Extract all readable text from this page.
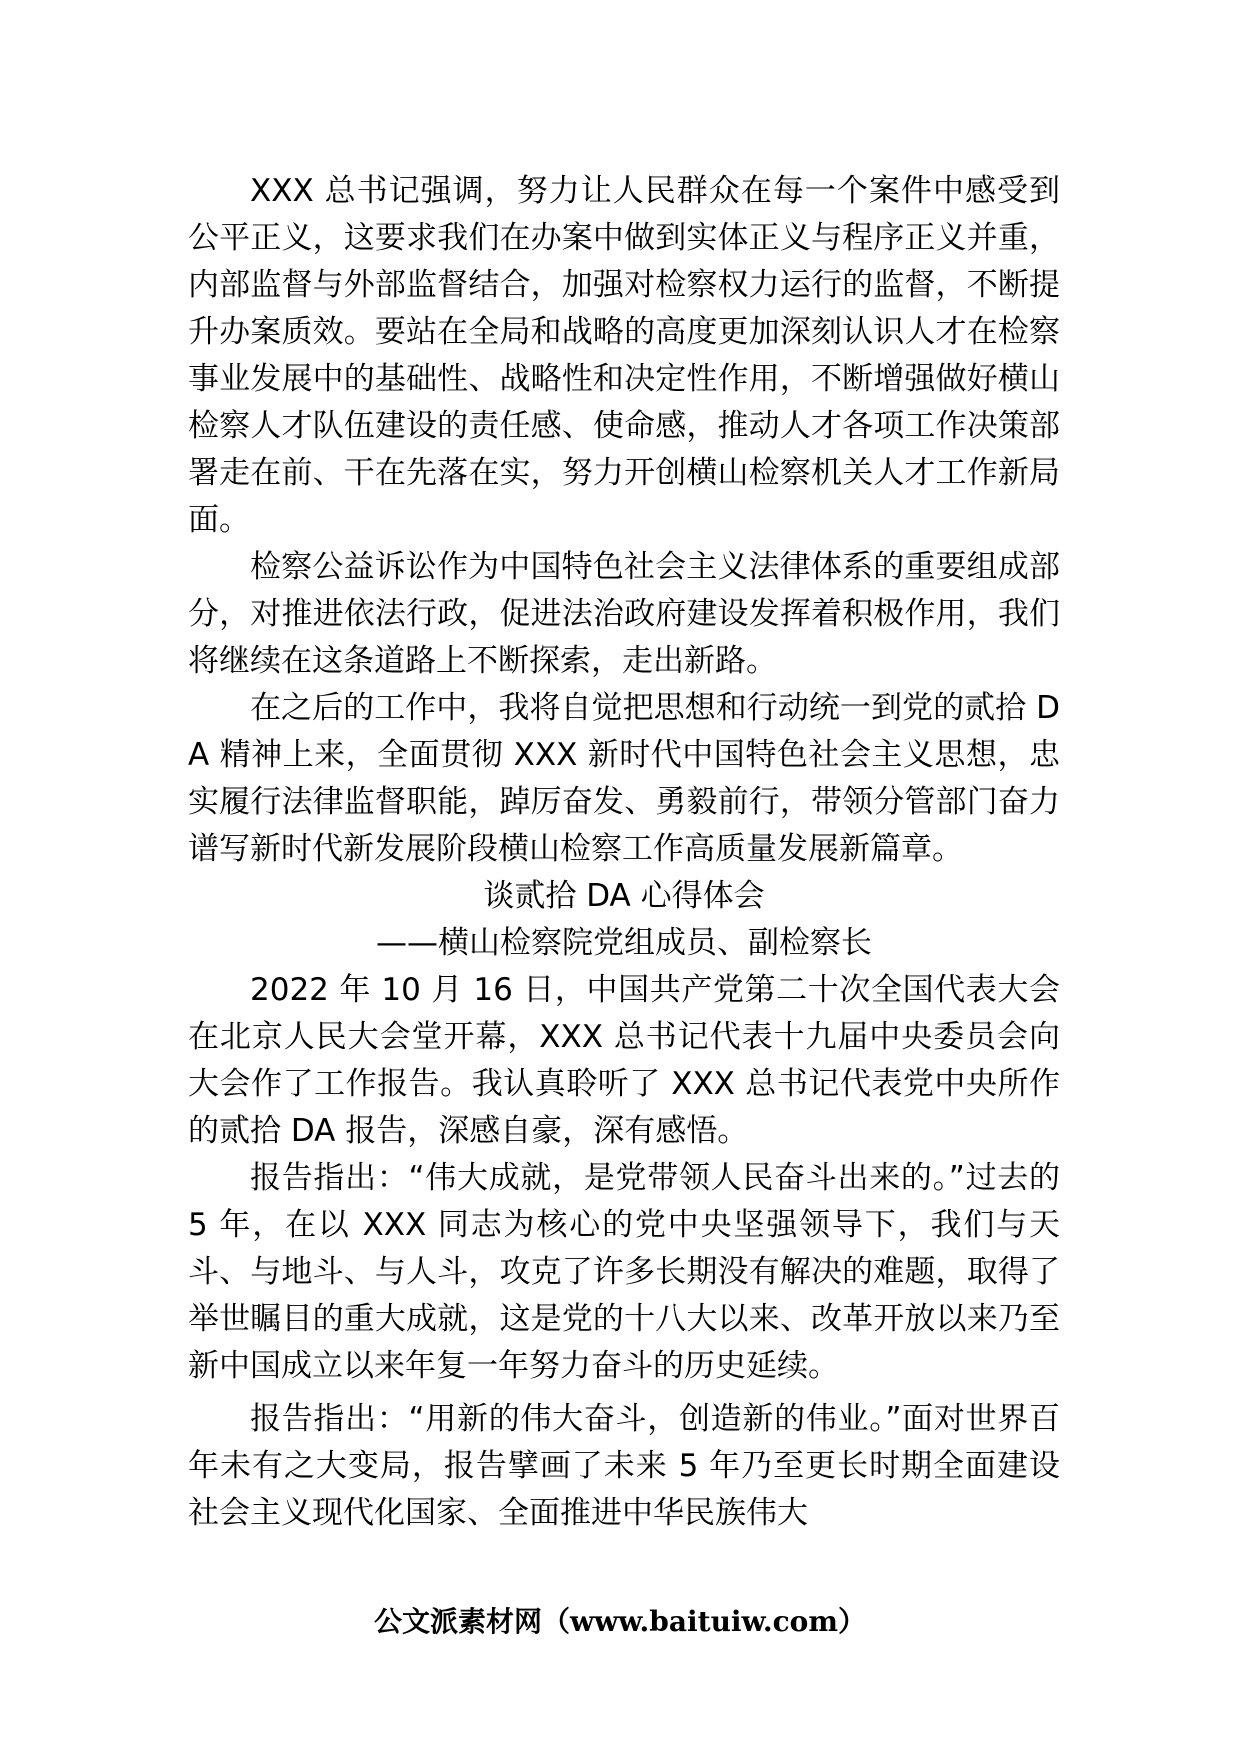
XXX 总书记强调，努力让人民群众在每一个案件中感受到公平正义，这要求我们在办案中做到实体正义与程序正义并重，内部监督与外部监督结合，加强对检察权力运行的监督，不断提升办案质效。要站在全局和战略的高度更加深刻认识人才在检察事业发展中的基础性、战略性和决定性作用，不断增强做好横山检察人才队伍建设的责任感、使命感，推动人才各项工作决策部署走在前、干在先落在实，努力开创横山检察机关人才工作新局面。

检察公益诉讼作为中国特色社会主义法律体系的重要组成部分，对推进依法行政，促进法治政府建设发挥着积极作用，我们将继续在这条道路上不断探索，走出新路。

在之后的工作中，我将自觉把思想和行动统一到党的贰拾 DA 精神上来，全面贯彻 XXX 新时代中国特色社会主义思想，忠实履行法律监督职能，踔厉奋发、勇毅前行，带领分管部门奋力谱写新时代新发展阶段横山检察工作高质量发展新篇章。

谈贰拾 DA 心得体会

——横山检察院党组成员、副检察长

2022 年 10 月 16 日，中国共产党第二十次全国代表大会在北京人民大会堂开幕，XXX 总书记代表十九届中央委员会向大会作了工作报告。我认真聆听了 XXX 总书记代表党中央所作的贰拾 DA 报告，深感自豪，深有感悟。

报告指出：“伟大成就，是党带领人民奋斗出来的。”过去的 5 年，在以 XXX 同志为核心的党中央坚强领导下，我们与天斗、与地斗、与人斗，攻克了许多长期没有解决的难题，取得了举世瞩目的重大成就，这是党的十八大以来、改革开放以来乃至新中国成立以来年复一年努力奋斗的历史延续。

报告指出：“用新的伟大奋斗，创造新的伟业。”面对世界百年未有之大变局，报告擘画了未来 5 年乃至更长时期全面建设社会主义现代化国家、全面推进中华民族伟大

公文派素材网（www.baituiw.com）
